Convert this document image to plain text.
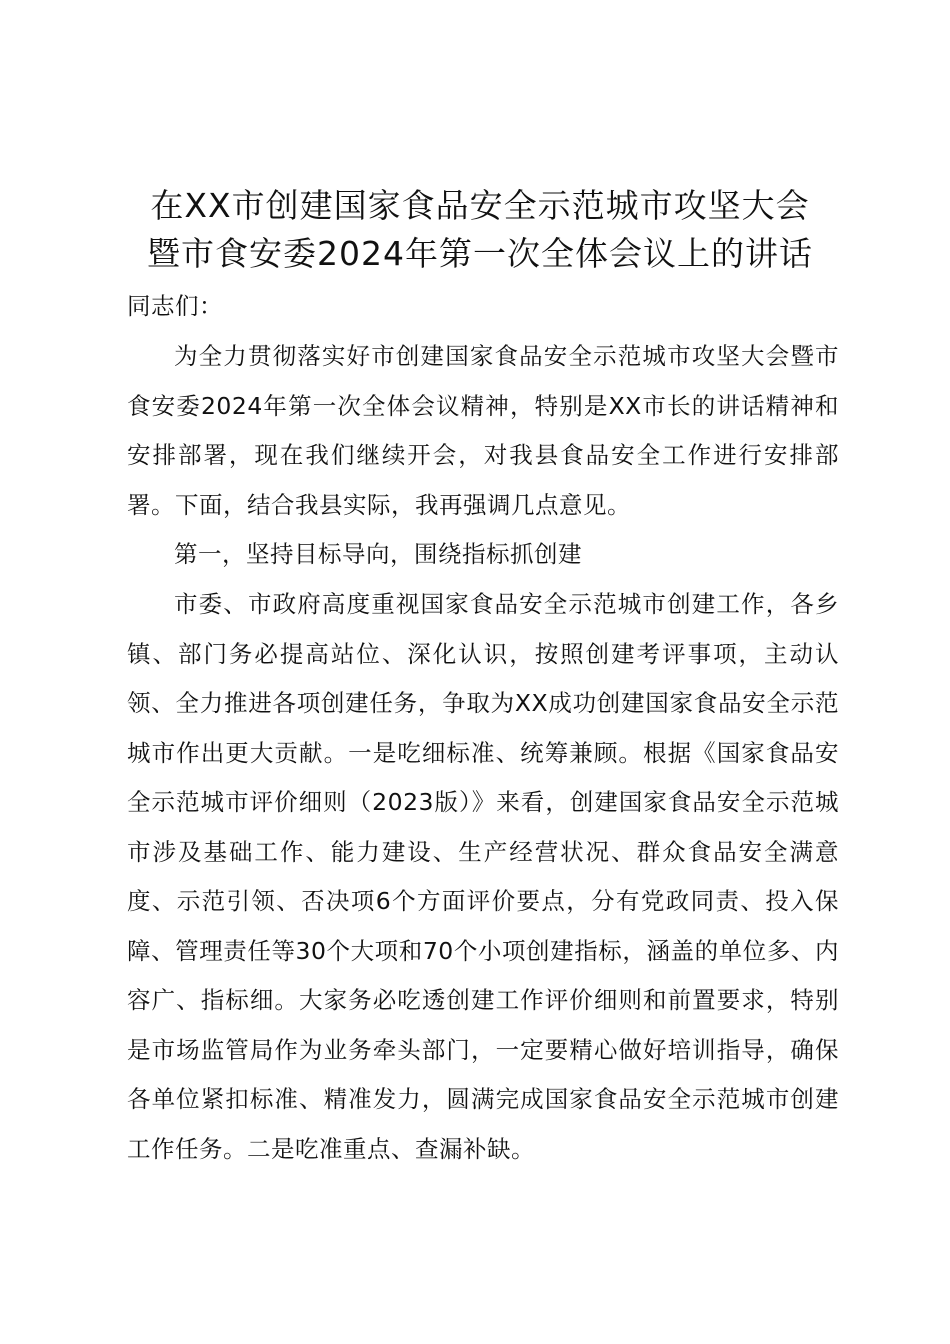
在XX市创建国家食品安全示范城市攻坚大会
暨市食安委2024年第一次全体会议上的讲话
同志们：

为全力贯彻落实好市创建国家食品安全示范城市攻坚大会暨市食安委2024年第一次全体会议精神，特别是XX市长的讲话精神和安排部署，现在我们继续开会，对我县食品安全工作进行安排部署。下面，结合我县实际，我再强调几点意见。

第一，坚持目标导向，围绕指标抓创建

市委、市政府高度重视国家食品安全示范城市创建工作，各乡镇、部门务必提高站位、深化认识，按照创建考评事项，主动认领、全力推进各项创建任务，争取为XX成功创建国家食品安全示范城市作出更大贡献。一是吃细标准、统筹兼顾。根据《国家食品安全示范城市评价细则（2023版）》来看，创建国家食品安全示范城市涉及基础工作、能力建设、生产经营状况、群众食品安全满意度、示范引领、否决项6个方面评价要点，分有党政同责、投入保障、管理责任等30个大项和70个小项创建指标，涵盖的单位多、内容广、指标细。大家务必吃透创建工作评价细则和前置要求，特别是市场监管局作为业务牵头部门，一定要精心做好培训指导，确保各单位紧扣标准、精准发力，圆满完成国家食品安全示范城市创建工作任务。二是吃准重点、查漏补缺。
